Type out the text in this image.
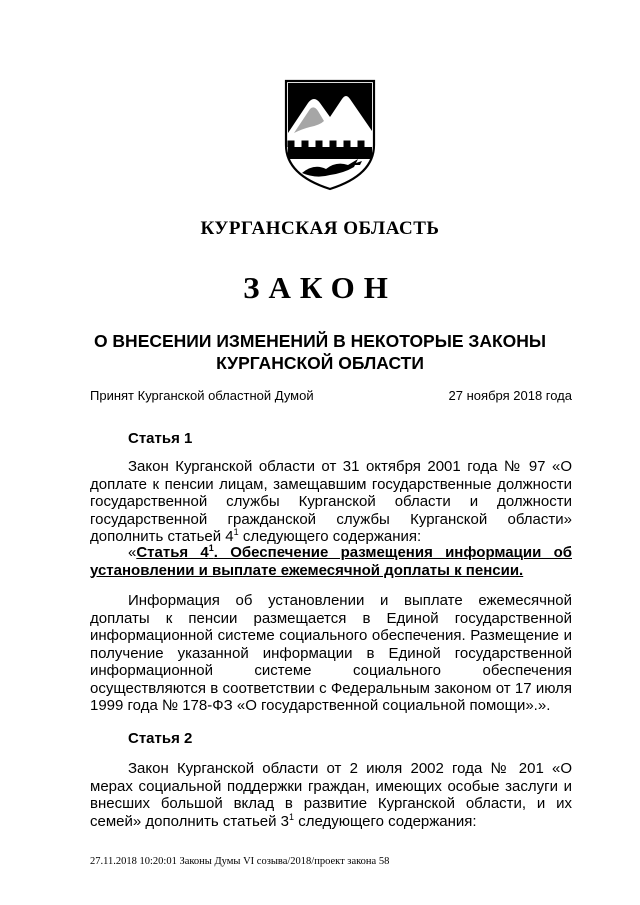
КУРГАНСКАЯ ОБЛАСТЬ
ЗАКОН
О ВНЕСЕНИИ ИЗМЕНЕНИЙ В НЕКОТОРЫЕ ЗАКОНЫ
КУРГАНСКОЙ ОБЛАСТИ
Принят Курганской областной Думой	27 ноября 2018 года
Статья 1

Закон Курганской области от 31 октября 2001 года № 97 «О доплате к пенсии лицам, замещавшим государственные должности государственной службы Курганской области и должности государственной гражданской службы Курганской области» дополнить статьей $4^1$ следующего содержания:

«Статья $4^1$. Обеспечение размещения информации об установлении и выплате ежемесячной доплаты к пенсии.

Информация об установлении и выплате ежемесячной доплаты к пенсии размещается в Единой государственной информационной системе социального обеспечения. Размещение и получение указанной информации в Единой государственной информационной системе социального обеспечения осуществляются в соответствии с Федеральным законом от 17 июля 1999 года № 178-ФЗ «О государственной социальной помощи».».

Статья 2

Закон Курганской области от 2 июля 2002 года № 201 «О мерах социальной поддержки граждан, имеющих особые заслуги и внесших большой вклад в развитие Курганской области, и их семей» дополнить статьей $3^1$ следующего содержания:

27.11.2018 10:20:01 Законы Думы VI созыва/2018/проект закона 58
